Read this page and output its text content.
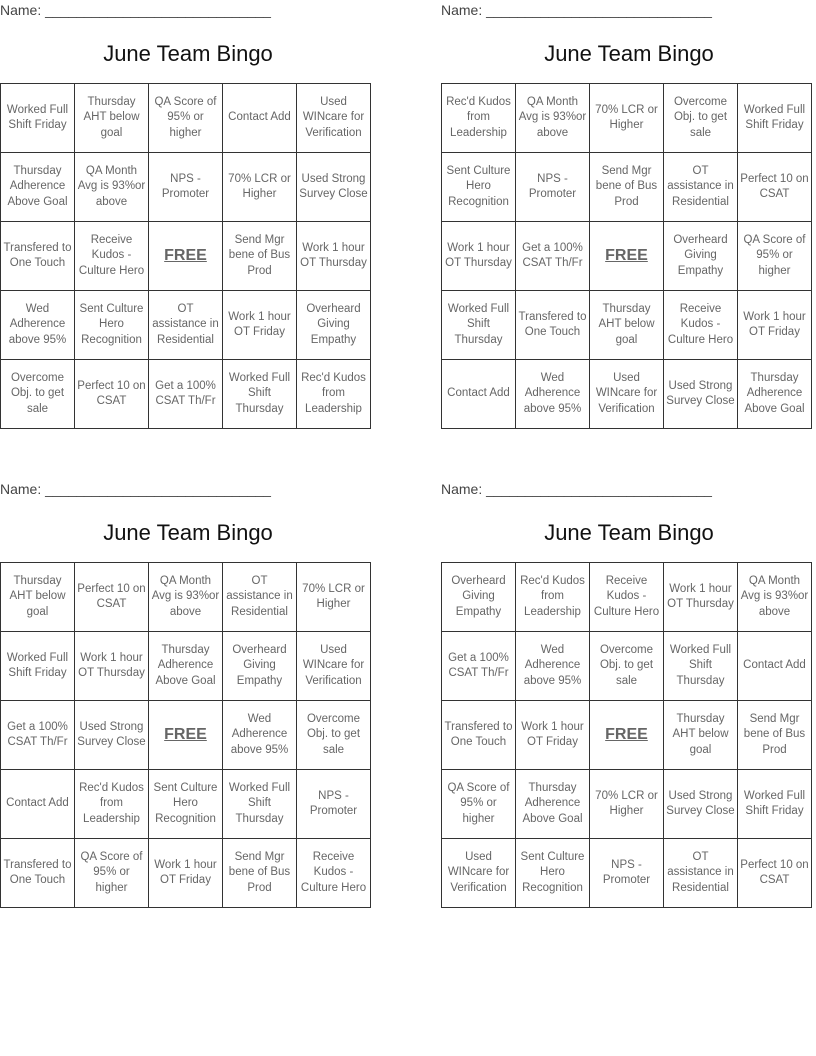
Name: _____________________________
June Team Bingo
Worked Full Shift Friday	Thursday AHT below goal	QA Score of 95% or higher	Contact Add	Used WINcare for Verification
Thursday Adherence Above Goal	QA Month Avg is 93%or above	NPS - Promoter	70% LCR or Higher	Used Strong Survey Close
Transfered to One Touch	Receive Kudos - Culture Hero	FREE	Send Mgr bene of Bus Prod	Work 1 hour OT Thursday
Wed Adherence above 95%	Sent Culture Hero Recognition	OT assistance in Residential	Work 1 hour OT Friday	Overheard Giving Empathy
Overcome Obj. to get sale	Perfect 10 on CSAT	Get a 100% CSAT Th/Fr	Worked Full Shift Thursday	Rec'd Kudos from Leadership
Name: _____________________________
June Team Bingo
Rec'd Kudos from Leadership	QA Month Avg is 93%or above	70% LCR or Higher	Overcome Obj. to get sale	Worked Full Shift Friday
Sent Culture Hero Recognition	NPS - Promoter	Send Mgr bene of Bus Prod	OT assistance in Residential	Perfect 10 on CSAT
Work 1 hour OT Thursday	Get a 100% CSAT Th/Fr	FREE	Overheard Giving Empathy	QA Score of 95% or higher
Worked Full Shift Thursday	Transfered to One Touch	Thursday AHT below goal	Receive Kudos - Culture Hero	Work 1 hour OT Friday
Contact Add	Wed Adherence above 95%	Used WINcare for Verification	Used Strong Survey Close	Thursday Adherence Above Goal
Name: _____________________________
June Team Bingo
Thursday AHT below goal	Perfect 10 on CSAT	QA Month Avg is 93%or above	OT assistance in Residential	70% LCR or Higher
Worked Full Shift Friday	Work 1 hour OT Thursday	Thursday Adherence Above Goal	Overheard Giving Empathy	Used WINcare for Verification
Get a 100% CSAT Th/Fr	Used Strong Survey Close	FREE	Wed Adherence above 95%	Overcome Obj. to get sale
Contact Add	Rec'd Kudos from Leadership	Sent Culture Hero Recognition	Worked Full Shift Thursday	NPS - Promoter
Transfered to One Touch	QA Score of 95% or higher	Work 1 hour OT Friday	Send Mgr bene of Bus Prod	Receive Kudos - Culture Hero
Name: _____________________________
June Team Bingo
Overheard Giving Empathy	Rec'd Kudos from Leadership	Receive Kudos - Culture Hero	Work 1 hour OT Thursday	QA Month Avg is 93%or above
Get a 100% CSAT Th/Fr	Wed Adherence above 95%	Overcome Obj. to get sale	Worked Full Shift Thursday	Contact Add
Transfered to One Touch	Work 1 hour OT Friday	FREE	Thursday AHT below goal	Send Mgr bene of Bus Prod
QA Score of 95% or higher	Thursday Adherence Above Goal	70% LCR or Higher	Used Strong Survey Close	Worked Full Shift Friday
Used WINcare for Verification	Sent Culture Hero Recognition	NPS - Promoter	OT assistance in Residential	Perfect 10 on CSAT
